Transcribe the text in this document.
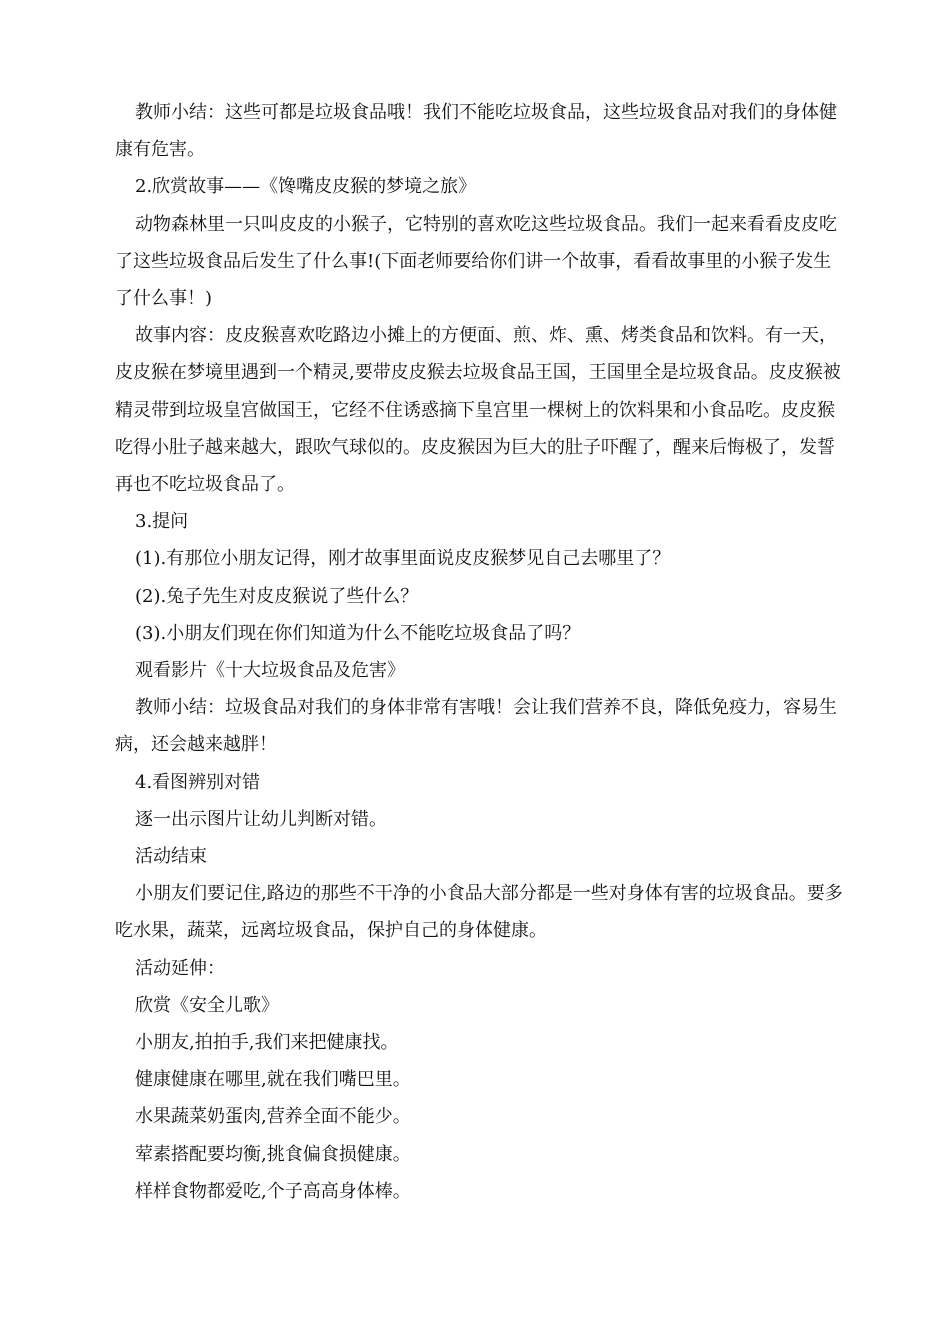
教师小结：这些可都是垃圾食品哦！我们不能吃垃圾食品，这些垃圾食品对我们的身体健康有危害。

2.欣赏故事——《馋嘴皮皮猴的梦境之旅》

动物森林里一只叫皮皮的小猴子，它特别的喜欢吃这些垃圾食品。我们一起来看看皮皮吃了这些垃圾食品后发生了什么事!(下面老师要给你们讲一个故事，看看故事里的小猴子发生了什么事！)

故事内容：皮皮猴喜欢吃路边小摊上的方便面、煎、炸、熏、烤类食品和饮料。有一天，皮皮猴在梦境里遇到一个精灵,要带皮皮猴去垃圾食品王国，王国里全是垃圾食品。皮皮猴被精灵带到垃圾皇宫做国王，它经不住诱惑摘下皇宫里一棵树上的饮料果和小食品吃。皮皮猴吃得小肚子越来越大，跟吹气球似的。皮皮猴因为巨大的肚子吓醒了，醒来后悔极了，发誓再也不吃垃圾食品了。

3.提问

(1).有那位小朋友记得，刚才故事里面说皮皮猴梦见自己去哪里了？

(2).兔子先生对皮皮猴说了些什么？

(3).小朋友们现在你们知道为什么不能吃垃圾食品了吗？

观看影片《十大垃圾食品及危害》

教师小结：垃圾食品对我们的身体非常有害哦！会让我们营养不良，降低免疫力，容易生病，还会越来越胖！

4.看图辨别对错

逐一出示图片让幼儿判断对错。

活动结束

小朋友们要记住,路边的那些不干净的小食品大部分都是一些对身体有害的垃圾食品。要多吃水果，蔬菜，远离垃圾食品，保护自己的身体健康。

活动延伸：

欣赏《安全儿歌》

小朋友,拍拍手,我们来把健康找。

健康健康在哪里,就在我们嘴巴里。

水果蔬菜奶蛋肉,营养全面不能少。

荤素搭配要均衡,挑食偏食损健康。

样样食物都爱吃,个子高高身体棒。
